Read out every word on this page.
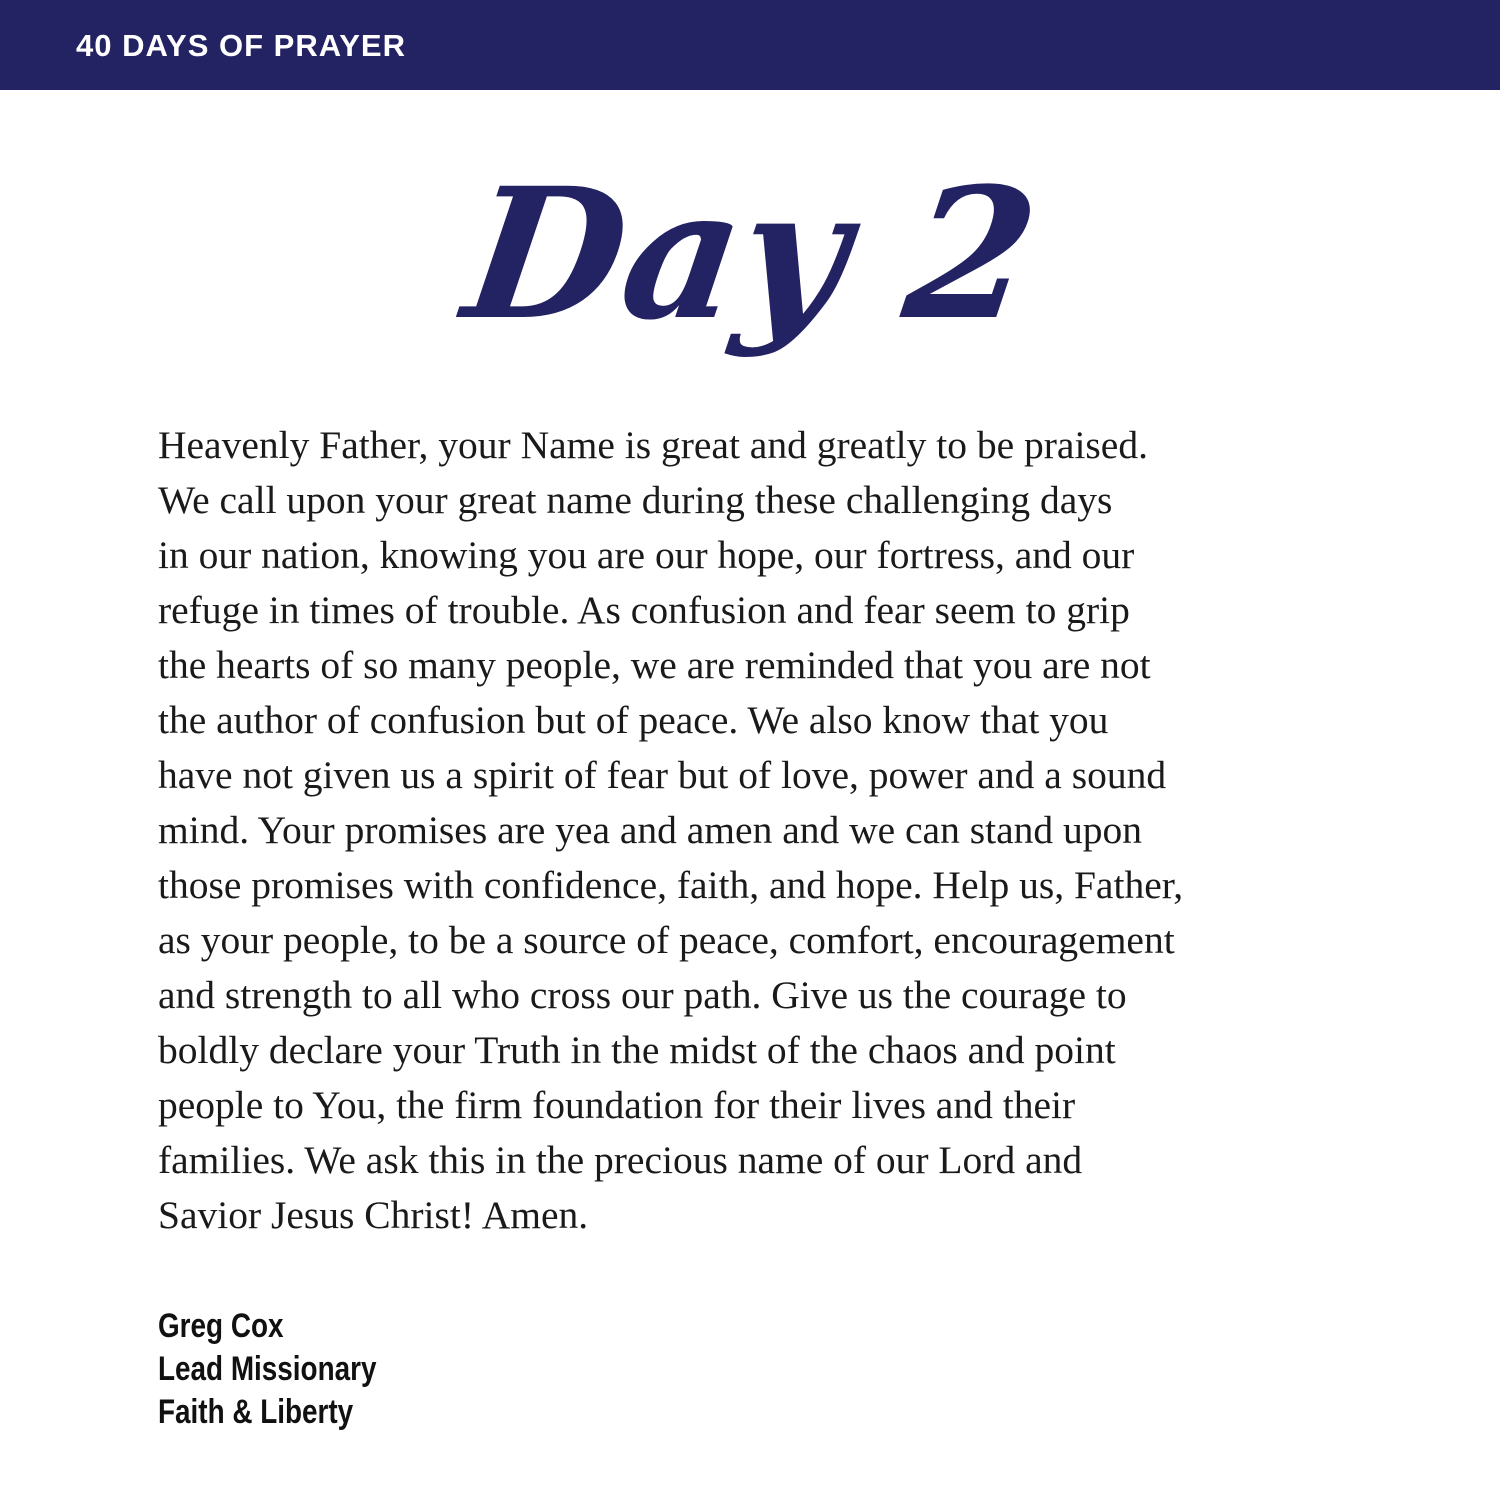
40 DAYS OF PRAYER
Day 2
Heavenly Father, your Name is great and greatly to be praised.
We call upon your great name during these challenging days
in our nation, knowing you are our hope, our fortress, and our
refuge in times of trouble. As confusion and fear seem to grip
the hearts of so many people, we are reminded that you are not
the author of confusion but of peace. We also know that you
have not given us a spirit of fear but of love, power and a sound
mind. Your promises are yea and amen and we can stand upon
those promises with confidence, faith, and hope. Help us, Father,
as your people, to be a source of peace, comfort, encouragement
and strength to all who cross our path. Give us the courage to
boldly declare your Truth in the midst of the chaos and point
people to You, the firm foundation for their lives and their
families. We ask this in the precious name of our Lord and
Savior Jesus Christ! Amen.
Greg Cox
Lead Missionary
Faith & Liberty
